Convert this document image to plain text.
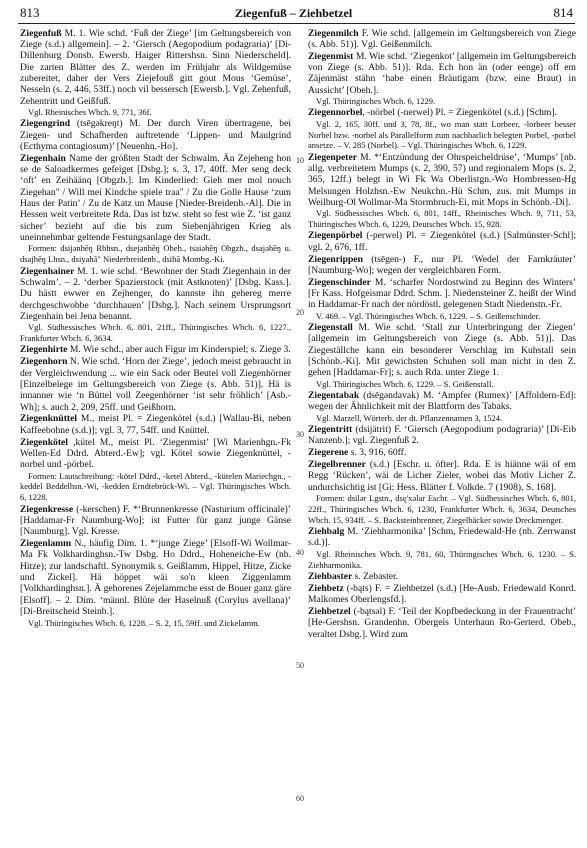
813	Ziegenfuß – Ziehbetzel	814

Ziegenfuß M. 1. Wie schd. ‘Fuß der Ziege’ [im Geltungsbereich von Ziege (s.d.) allgemein]. – 2. ‘Giersch (Aegopodium podagraria)’ [Di-Dillenburg Donsb. Ewersb. Haiger Rittershsn. Sinn Niederscheld]. Die zarten Blätter des Z. werden im Frühjahr als Wildgemüse zubereitet, daher der Vers Ziejefouß gitt gout Mous ‘Gemüse’, Nesseln (s. 2, 446, 53ff.) noch vil bessersch [Ewersb.]. Vgl. Zehenfuß, Zehentritt und Geißfuß.

Vgl. Rheinisches Wbch. 9, 771, 36f.

Ziegengrind (tsēgəkreŋt) M. Der durch Viren übertragene, bei Ziegen- und Schafherden auftretende ‘Lippen- und Maulgrind (Ecthyma contagiosum)’ [Neuenhn.-Ho].

Ziegenhain Name der größten Stadt der Schwalm. Än Zejeheng hon se de Saloadkermes gefeiget [Dsbg.]; s. 3, 17, 40ff. Mer seng deck ‘oft’ en Zeihäänq [Obgzb.]. Im Kinderlied: Gieh mer mol nouch Ziegehan" / Will mei Kindche spiele traa" / Zu die Golle Hause ‘zum Haus der Patin’ / Zu de Katz un Mause [Nieder-Breidenb.-Al]. Die in Hessen weit verbreitete Rda. Das ist bzw. steht so fest wie Z. ‘ist ganz sicher’ bezieht auf die bis zum Siebenjährigen Krieg als uneinnehmbar geltende Festungsanlage der Stadt.

Formen: dsijənhēŋ Rbhsn., dsejənhēŋ Obeh., tsaiəhēŋ Obgzb., dsajəhēŋ u. dsajhēŋ Lhsn., dsiyahā" Niederbreidenb., dsihā Mombg.-Ki.

Ziegenhainer M. 1. wie schd. ‘Bewohner der Stadt Ziegenhain in der Schwalm’. – 2. ‘derber Spazierstock (mit Astknoten)’ [Dsbg. Kass.]. Du hästt ewwer en Zejhenger, do kannste ihn gehereg merre derchgeschwobbe ‘durchhauen’ [Dsbg.]. Nach seinem Ursprungsort Ziegenhain bei Jena benannt.

Vgl. Südhessisches Wbch. 6, 801, 21ff., Thüringisches Wbch. 6, 1227., Frankfurter Wbch. 6, 3634.

Ziegenhirte M. Wie schd., aber auch Figur im Kinderspiel; s. Ziege 3.

Ziegenhorn N. Wie schd. ‘Horn der Ziege’, jedoch meist gebraucht in der Vergleichwendung ... wie ein Sack oder Beutel voll Ziegenhörner [Einzelbelege im Geltungsbereich von Ziege (s. Abb. 51)]. Hä is innanner wie ‘n Büttel voll Zeegenhörner ‘ist sehr fröhlich’ [Asb.-Wh]; s. auch 2, 209, 25ff. und Geißhorn.

Ziegenknüttel M., meist Pl. = Ziegenkötel (s.d.) [Wallau-Bi, neben Kaffeebohne (s.d.)]; vgl. 3, 77, 54ff. und Knüttel.

Ziegenkötel ,kütel M., meist Pl. ‘Ziegenmist’ [Wi Marienhgn.-Fk Wellen-Ed Ddrd. Abterd.-Ew]; vgl. Kötel sowie Ziegenknüttel, -norbel und -pörbel.

Formen: Lautschreibung: -kötel Ddrd., -ketel Abterd., -kütelen Mariechgn., -keddel Beddelhsn.-Wi, -kedden Erndtebrück-Wi. – Vgl. Thüringisches Wbch. 6, 1228.

Ziegenkresse (-kerschen) F. *‘Brunnenkresse (Nasturium officinale)’ [Haddamar-Fr Naumburg-Wo]; ist Futter für ganz junge Gänse [Naumburg]. Vgl. Kresse.

Ziegenlamm N., häufig Dim. 1. *‘junge Ziege’ [Elsoff-Wi Wollmar-Ma Fk Volkhardinghsn.-Tw Dsbg. Ho Ddrd., Hoheneiche-Ew (nb. Hitze); zur landschaftl. Synonymik s. Geißlamm, Hippel, Hitze, Zicke und Zickel]. Hä höppet wäi so'n kleen Ziggenlamm [Volkhardinghsn.]. Ä gehorenes Zejelammche esst de Bouer ganz gäre [Elsoff]. – 2. Dim. ‘männl. Blüte der Haselnuß (Corylus avellana)’ [Di-Breitscheid Steinb.].

Vgl. Thüringisches Wbch. 6, 1228. – S. 2, 15, 59ff. und Zickelamm.

Ziegenmilch F. Wie schd. [allgemein im Geltungsbereich von Ziege (s. Abb. 51)]. Vgl. Geißenmilch.

Ziegenmist M. Wie schd. ‘Ziegenkot’ [allgemein im Geltungsbereich von Ziege (s. Abb. 51)]. Rda. Ech hon än (oder eenge) off em Zäjenmäst stähn ‘habe einen Bräutigam (bzw. eine Braut) in Aussicht’ [Obeh.].

Vgl. Thüringisches Wbch. 6, 1229.

Ziegennorbel, -nörbel (-nerwel) Pl. = Ziegenkötel (s.d.) [Schm].

Vgl. 2, 165, 30ff. und 3, 78, 8f., wo man statt Lorbeer, -lorbeer besser Norbel bzw. -norbel als Parallelform zum nachbarlich belegten Porbel, -porbel ansetze. – V. 285 (Norbel). – Vgl. Thüringisches Wbch. 6, 1229.

Ziegenpeter M. *‘Entzündung der Ohrspeicheldrüse’, ‘Mumps’ [nb. allg. verbreitetem Mumps (s. 2, 390, 57) und regionalem Mops (s. 2, 365, 12ff.) belegt in Wi Fk Wa Oberlistgn.-Wo Hombressen-Hg Melsungen Holzhsn.-Ew Neukchn.-Hü Schm, zus. mit Mumps in Weilburg-Ol Wollmar-Ma Stormbruch-Ei, mit Mops in Schönb.-Di].

Vgl. Südhessisches Wbch. 6, 801, 14ff., Rheinisches Wbch. 9, 711, 53, Thüringisches Wbch. 6, 1229, Deutsches Wbch. 15, 928.

Ziegenpörbel (-perwel) Pl. = Ziegenkötel (s.d.) [Salmünster-Schl]; vgl. 2, 676, 1ff.

Ziegenrippen (tsēgen-) F., nur Pl. ‘Wedel der Farnkräuter’ [Naumburg-Wo]; wegen der vergleichbaren Form.

Ziegenschinder M. ‘scharfer Nordostwind zu Beginn des Winters’ [Fr Kass. Hofgeismar Ddrd. Schm. ]. Niedensteiner Z. heißt der Wind in Haddamar-Fr nach der nördöstl. gelegenen Stadt Niedenstn.-Fr.

V. 469. – Vgl. Thüringisches Wbch. 6, 1229. – S. Geißenschinder.

Ziegenstall M. Wie schd. ‘Stall zur Unterbringung der Ziegen’ [allgemein im Geltungsbereich von Ziege (s. Abb. 51)]. Das Ziegeställche kann ein besonderer Verschlag im Kuhstall sein [Schönb.-Ki]. Mit gewichsten Schuhen soll man nicht in den Z. gehen [Haddamar-Fr]; s. auch Rda. unter Ziege 1.

Vgl. Thüringisches Wbch. 6, 1229. – S. Geißenstall.

Ziegentabak (dsēgəndavak) M. ‘Ampfer (Rumex)’ [Affoldern-Ed]: wegen der Ähnlichkeit mit der Blattform des Tabaks.

Vgl. Marzell, Wörterb. der dt. Pflanzennamen 3, 1524.

Ziegentritt (dsijätrit) F. ‘Giersch (Aegopodium podagraria)’ [Di-Eib Nanzenb.]; vgl. Ziegenfuß 2.

Ziegerene s. 3, 916, 60ff.

Ziegelbrenner (s.d.) [Eschr. u. öfter]. Rda. E is hiänne wäi of em Regg ‘Rücken’, wäi de Licher Zieler, wobei das Motiv Licher Z. undurchsichtig ist [Gi: Hess. Blätter f. Volkde. 7 (1908), S. 168].

Formen: dsilər Lgstn., dsę'xəlar Eschr. – Vgl. Südhessisches Wbch. 6, 801, 22ff., Thüringisches Wbch. 6, 1230, Frankfurter Wbch. 6, 3634, Deutsches Wbch. 15, 934ff. – S. Backsteinbrenner, Ziegelbäcker sowie Dreckmenger.

Ziehbalg M. ‘Ziehharmonika’ [Schm, Friedewald-He (nb. Zerrwanst s.d.)].

Vgl. Rheinisches Wbch. 9, 781, 60, Thüringisches Wbch. 6, 1230. – S. Ziehharmonika.

Ziehbaster s. Zebaster.

Ziehbetz (-bąts) F. = Ziehbetzel (s.d.) [He-Ausb. Friedewald Konrd. Malkomes Oberlengsfd.].

Ziehbetzel (-bątsəl) F. ‘Teil der Kopfbedeckung in der Frauentracht’ [He-Gershsn. Grandenhn. Obergeis Unterhaun Ro-Gerterd. Obeb., veraltet Dsbg.]. Wird zum

10
20
30
40
50
60
